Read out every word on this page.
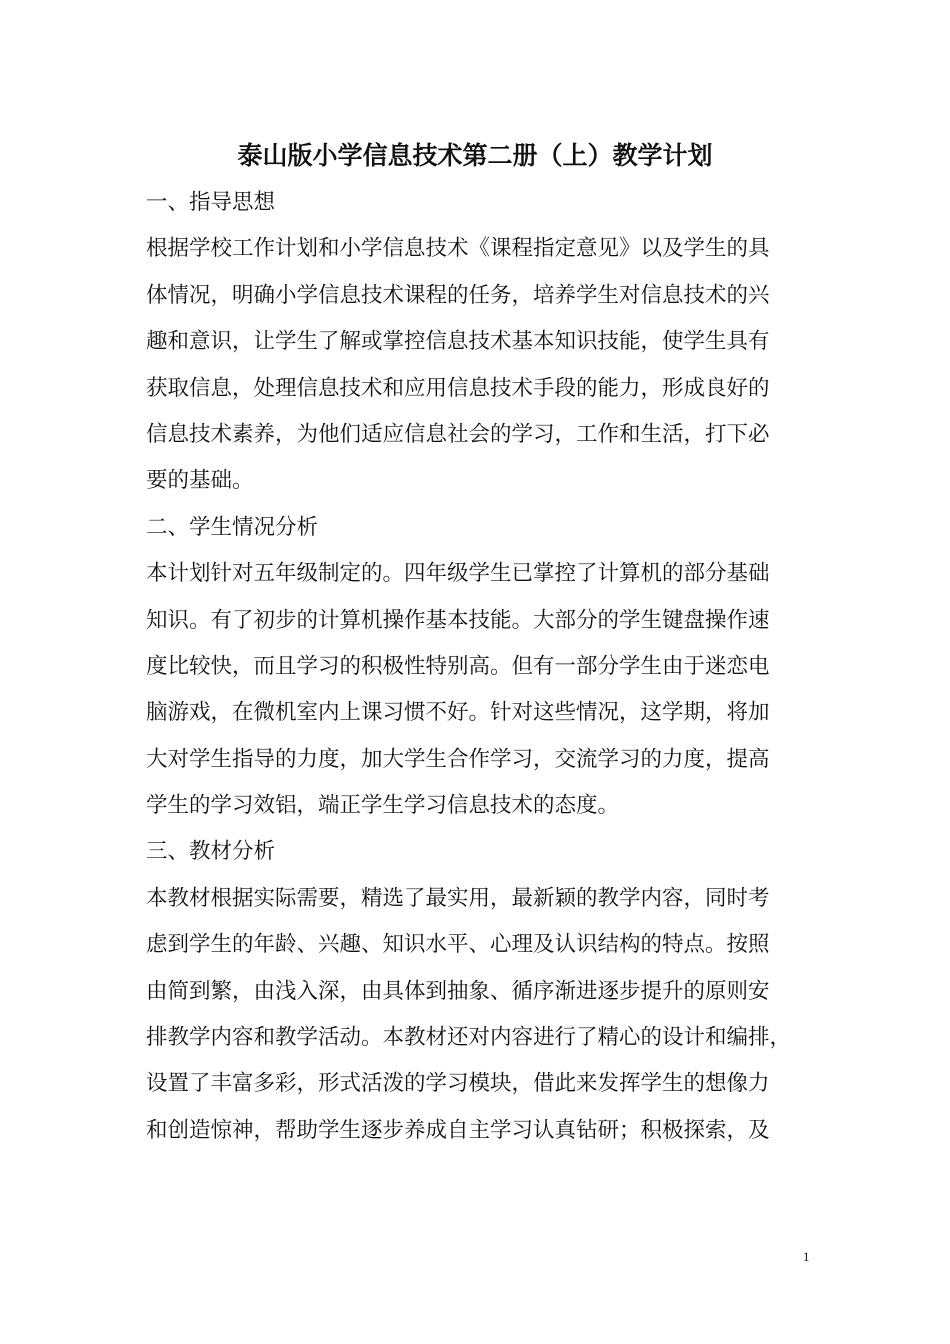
泰山版小学信息技术第二册（上）教学计划

一、指导思想

根据学校工作计划和小学信息技术《课程指定意见》以及学生的具

体情况，明确小学信息技术课程的任务，培养学生对信息技术的兴

趣和意识，让学生了解或掌控信息技术基本知识技能，使学生具有

获取信息，处理信息技术和应用信息技术手段的能力，形成良好的

信息技术素养，为他们适应信息社会的学习，工作和生活，打下必

要的基础。

二、学生情况分析

本计划针对五年级制定的。四年级学生已掌控了计算机的部分基础

知识。有了初步的计算机操作基本技能。大部分的学生键盘操作速

度比较快，而且学习的积极性特别高。但有一部分学生由于迷恋电

脑游戏，在微机室内上课习惯不好。针对这些情况，这学期，将加

大对学生指导的力度，加大学生合作学习，交流学习的力度，提高

学生的学习效铝，端正学生学习信息技术的态度。

三、教材分析

本教材根据实际需要，精选了最实用，最新颖的教学内容，同时考

虑到学生的年龄、兴趣、知识水平、心理及认识结构的特点。按照

由简到繁，由浅入深，由具体到抽象、循序渐进逐步提升的原则安

排教学内容和教学活动。本教材还对内容进行了精心的设计和编排，

设置了丰富多彩，形式活泼的学习模块，借此来发挥学生的想像力

和创造惊神，帮助学生逐步养成自主学习认真钻研；积极探索，及

1
